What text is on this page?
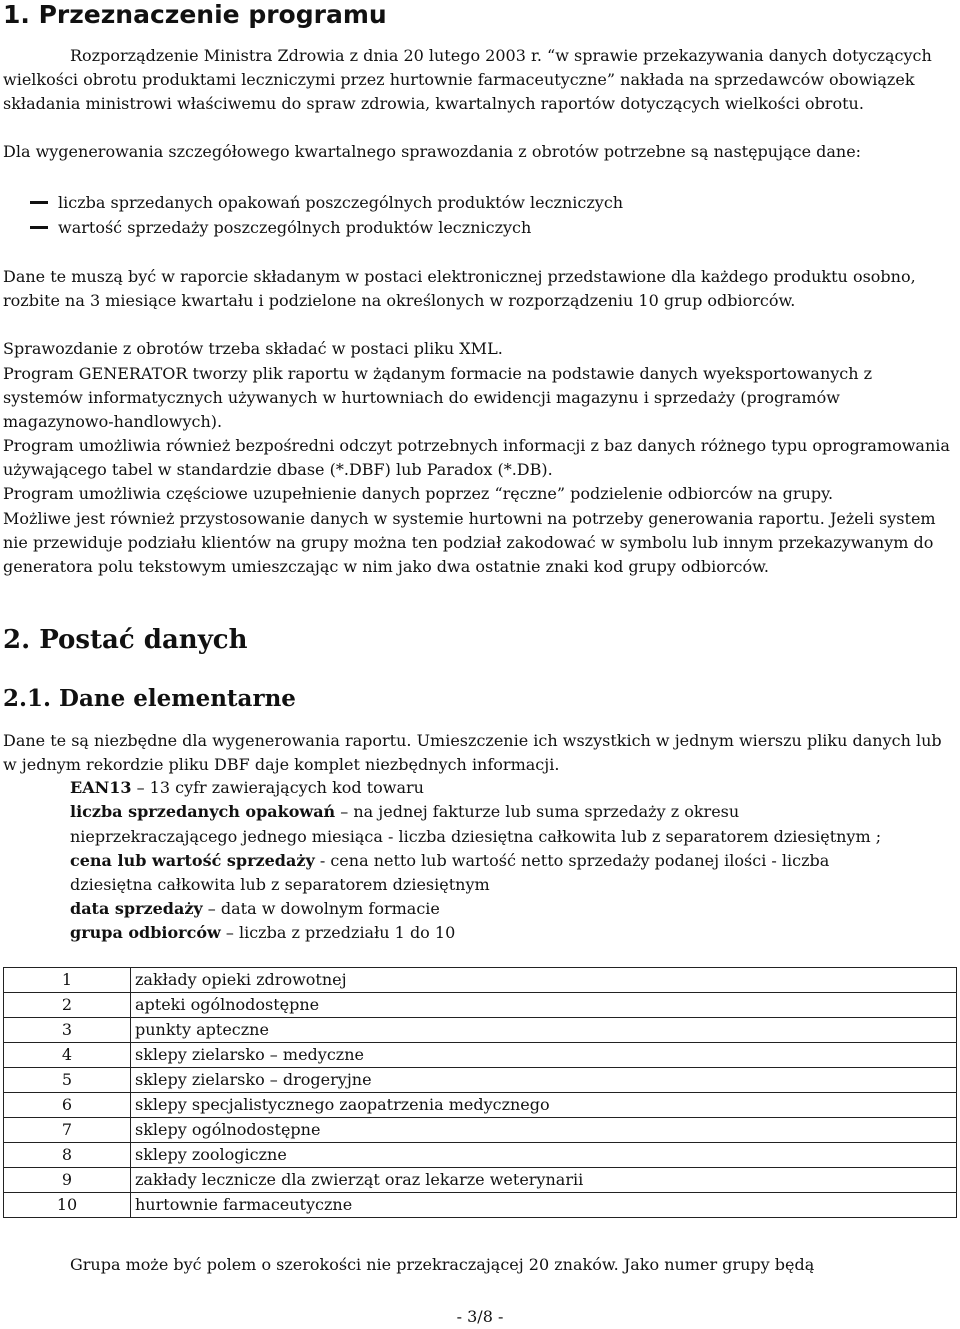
1. Przeznaczenie programu

Rozporządzenie Ministra Zdrowia z dnia 20 lutego 2003 r. “w sprawie przekazywania danych dotyczących wielkości obrotu produktami leczniczymi przez hurtownie farmaceutyczne” nakłada na sprzedawców obowiązek składania ministrowi właściwemu do spraw zdrowia, kwartalnych raportów dotyczących wielkości obrotu.

Dla wygenerowania szczegółowego kwartalnego sprawozdania z obrotów potrzebne są następujące dane:

liczba sprzedanych opakowań poszczególnych produktów leczniczych
wartość sprzedaży poszczególnych produktów leczniczych

Dane te muszą być w raporcie składanym w postaci elektronicznej przedstawione dla każdego produktu osobno, rozbite na 3 miesiące kwartału i podzielone na określonych w rozporządzeniu 10 grup odbiorców.

Sprawozdanie z obrotów trzeba składać w postaci pliku XML.

Program GENERATOR tworzy plik raportu w żądanym formacie na podstawie danych wyeksportowanych z systemów informatycznych używanych w hurtowniach do ewidencji magazynu i sprzedaży (programów magazynowo-handlowych).

Program umożliwia również bezpośredni odczyt potrzebnych informacji z baz danych różnego typu oprogramowania używającego tabel w standardzie dbase (*.DBF) lub Paradox (*.DB).

Program umożliwia częściowe uzupełnienie danych poprzez “ręczne” podzielenie odbiorców na grupy.

Możliwe jest również przystosowanie danych w systemie hurtowni na potrzeby generowania raportu. Jeżeli system nie przewiduje podziału klientów na grupy można ten podział zakodować w symbolu lub innym przekazywanym do generatora polu tekstowym umieszczając w nim jako dwa ostatnie znaki kod grupy odbiorców.

2. Postać danych
2.1. Dane elementarne

Dane te są niezbędne dla wygenerowania raportu. Umieszczenie ich wszystkich w jednym wierszu pliku danych lub w jednym rekordzie pliku DBF daje komplet niezbędnych informacji.

EAN13 – 13 cyfr zawierających kod towaru
liczba sprzedanych opakowań – na jednej fakturze lub suma sprzedaży z okresu
nieprzekraczającego jednego miesiąca - liczba dziesiętna całkowita lub z separatorem dziesiętnym ;
cena lub wartość sprzedaży - cena netto lub wartość netto sprzedaży podanej ilości - liczba
dziesiętna całkowita lub z separatorem dziesiętnym
data sprzedaży – data w dowolnym formacie
grupa odbiorców – liczba z przedziału 1 do 10
1	zakłady opieki zdrowotnej
2	apteki ogólnodostępne
3	punkty apteczne
4	sklepy zielarsko – medyczne
5	sklepy zielarsko – drogeryjne
6	sklepy specjalistycznego zaopatrzenia medycznego
7	sklepy ogólnodostępne
8	sklepy zoologiczne
9	zakłady lecznicze dla zwierząt oraz lekarze weterynarii
10	hurtownie farmaceutyczne
Grupa może być polem o szerokości nie przekraczającej 20 znaków. Jako numer grupy będą
- 3/8 -
